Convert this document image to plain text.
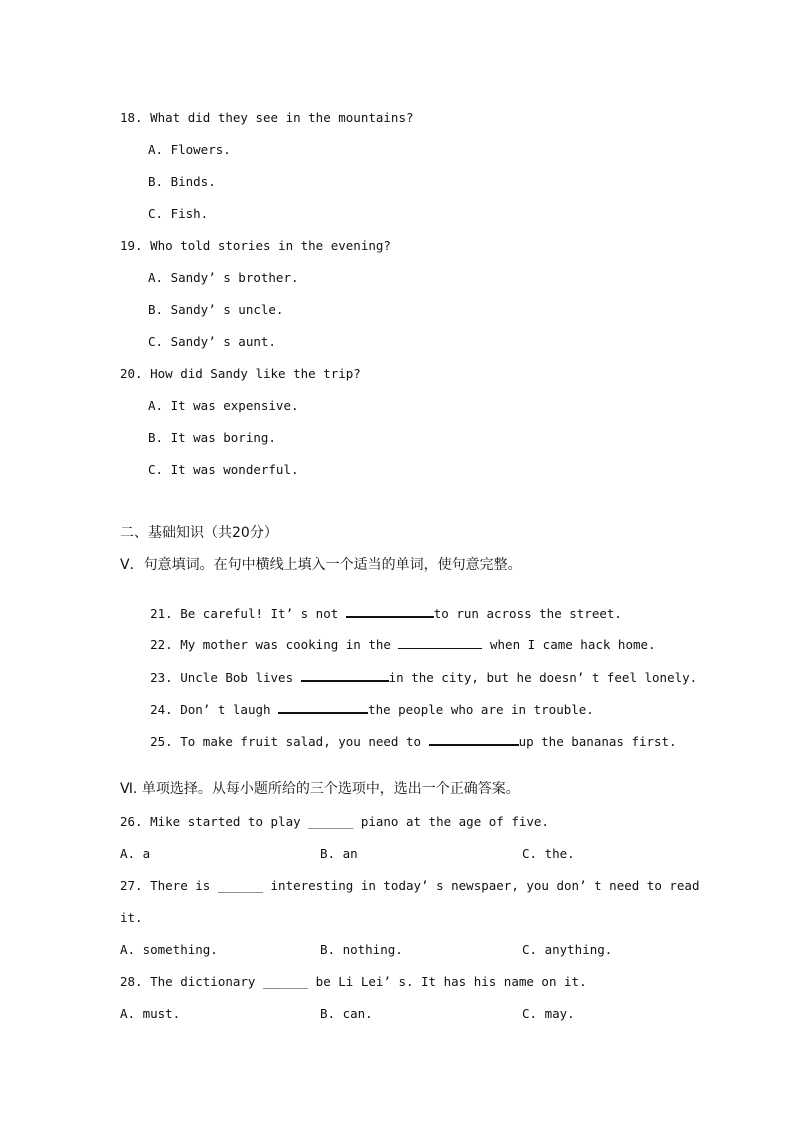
18. What did they see in the mountains?
A. Flowers.
B. Binds.
C. Fish.
19. Who told stories in the evening?
A. Sandy’ s brother.
B. Sandy’ s uncle.
C. Sandy’ s aunt.
20. How did Sandy like the trip?
A. It was expensive.
B. It was boring.
C. It was wonderful.
二、基础知识（共20分）
Ⅴ．句意填词。在句中横线上填入一个适当的单词，使句意完整。

21. Be careful! It’ s not	to run across the street.

22. My mother was cooking in the	when I came hack home.

23. Uncle Bob lives	in the city, but he doesn’ t feel lonely.

24. Don’ t laugh	the people who are in trouble.

25. To make fruit salad, you need to	up the bananas first.

Ⅵ. 单项选择。从每小题所给的三个选项中，选出一个正确答案。
26. Mike started to play ______ piano at the age of five.
A. a	B. an	C. the.
27. There is ______ interesting in today’ s newspaer, you don’ t need to read
it.
A. something.	B. nothing.	C. anything.
28. The dictionary ______ be Li Lei’ s. It has his name on it.
A. must.	B. can.	C. may.
